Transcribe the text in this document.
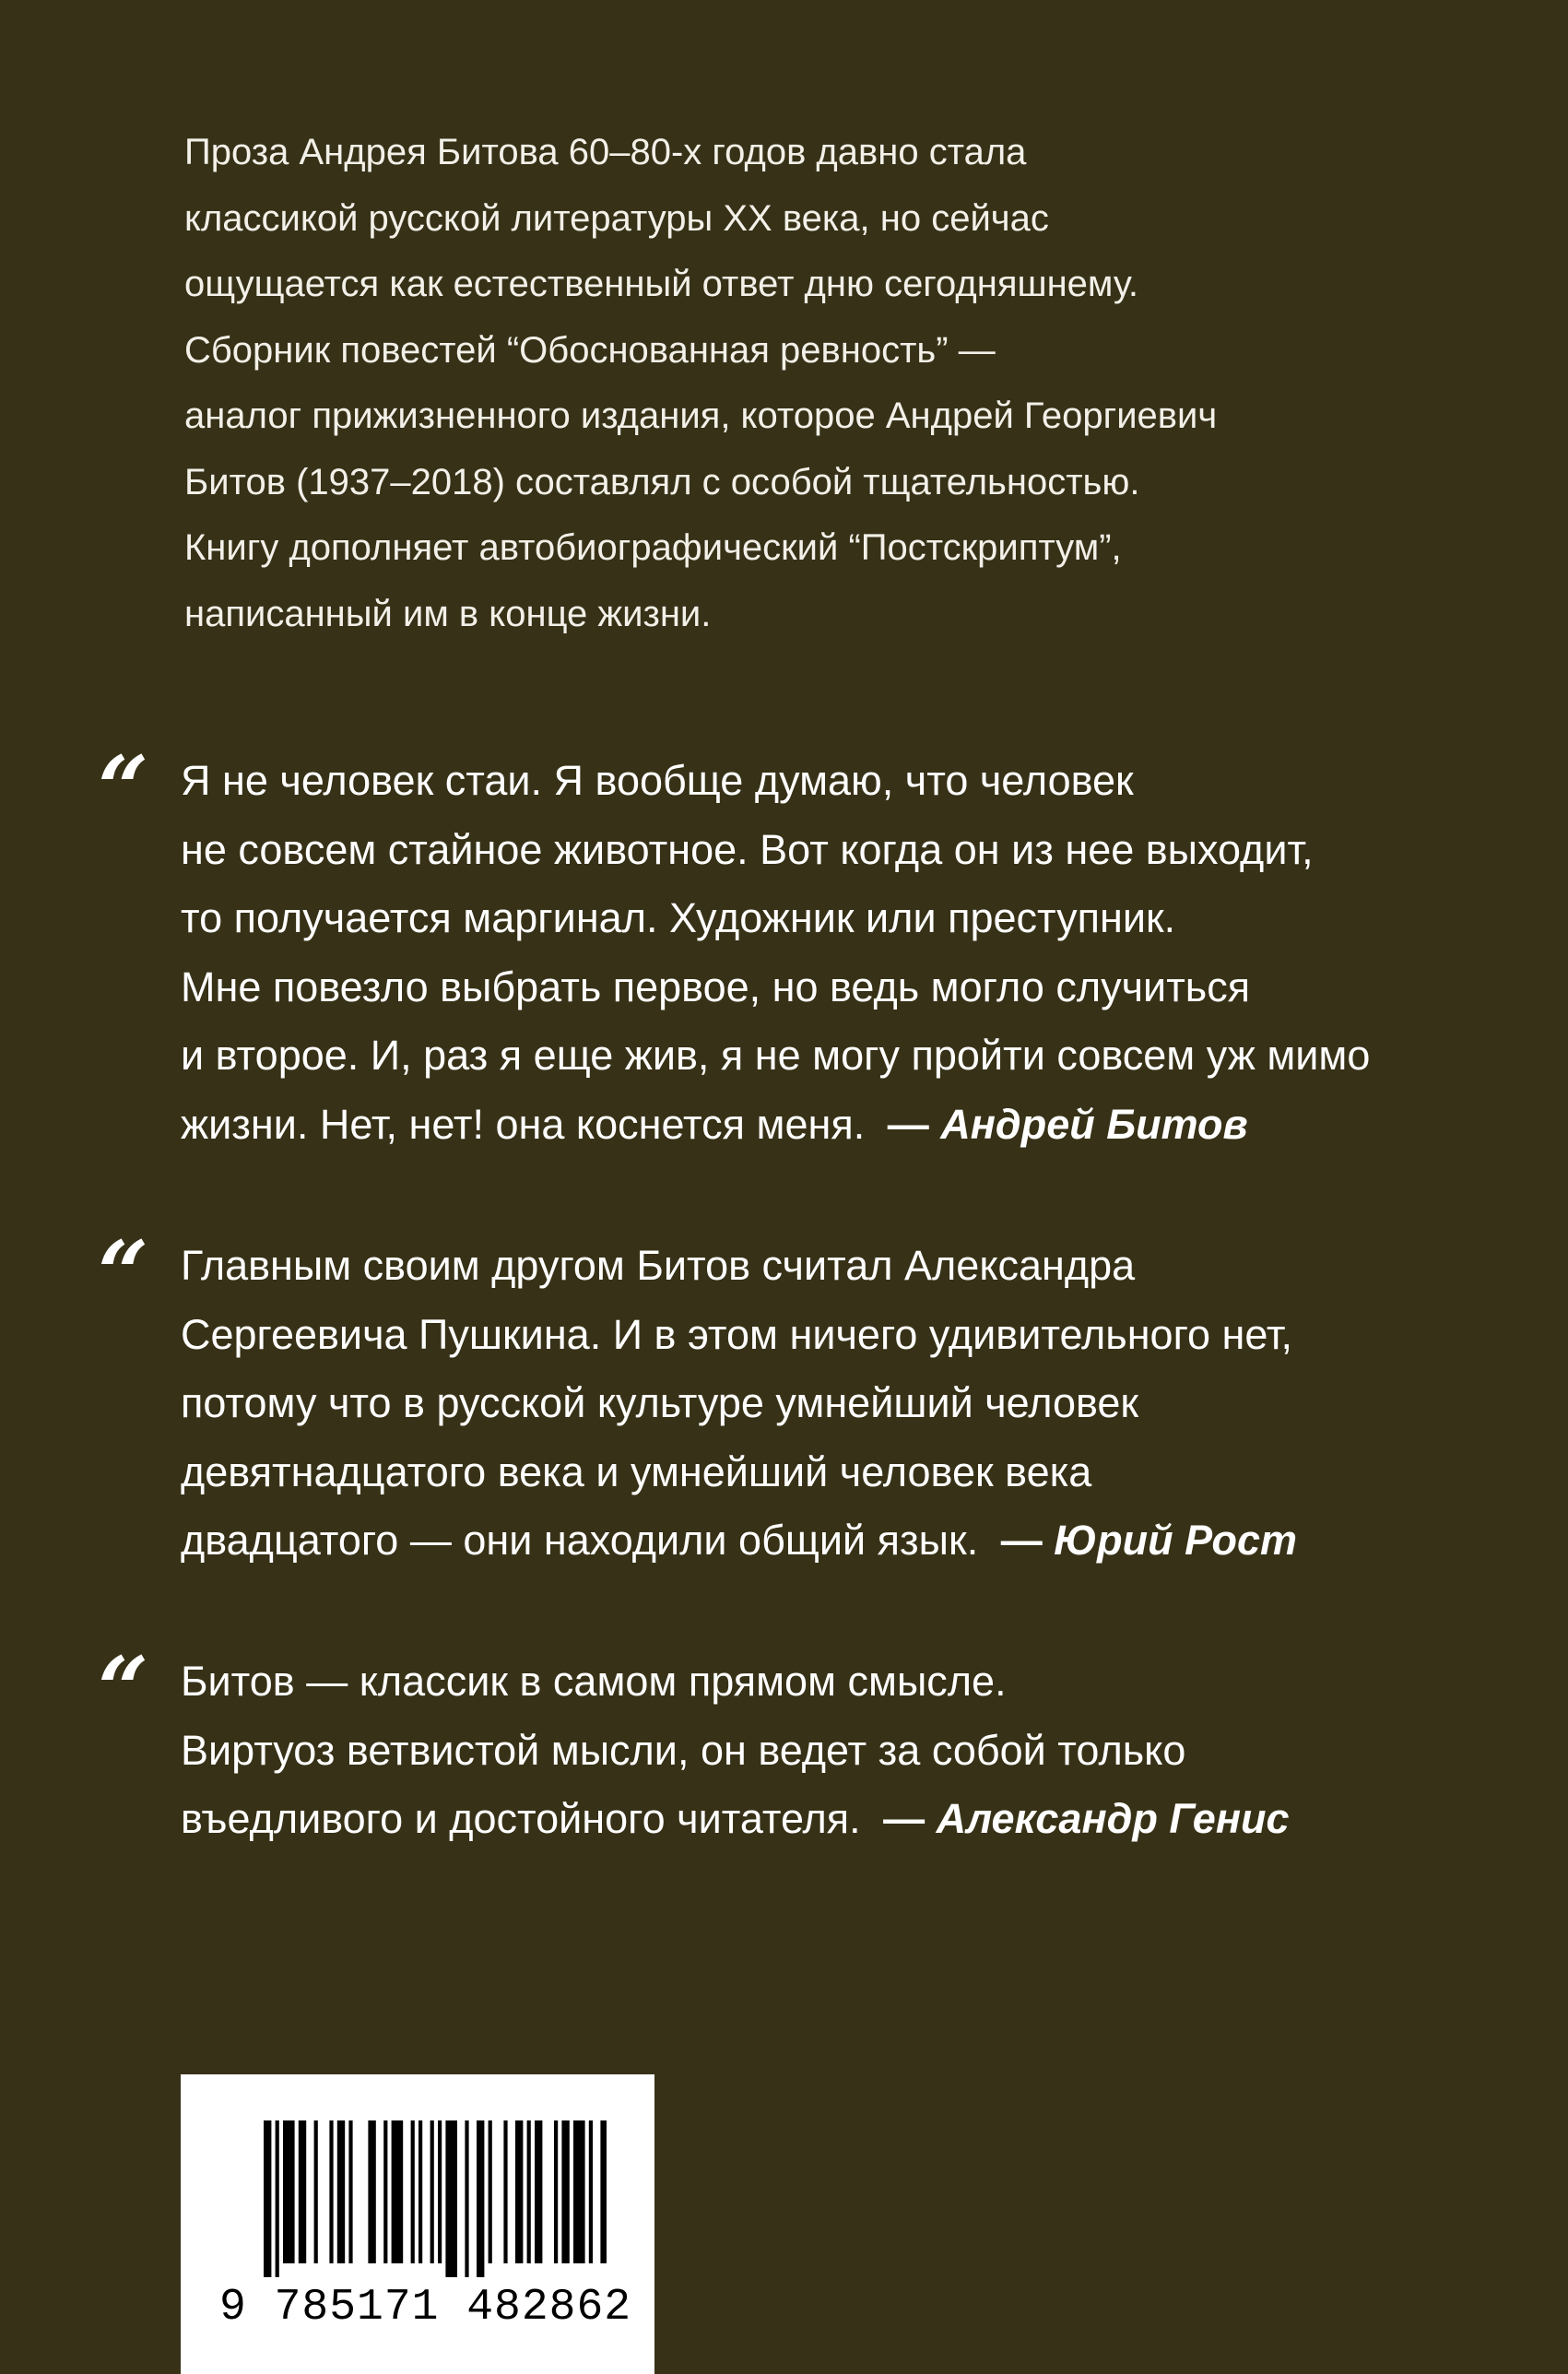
Проза Андрея Битова 60–80-х годов давно стала
классикой русской литературы XX века, но сейчас
ощущается как естественный ответ дню сегодняшнему.
Сборник повестей “Обоснованная ревность” —
аналог прижизненного издания, которое Андрей Георгиевич
Битов (1937–2018) составлял с особой тщательностью.
Книгу дополняет автобиографический “Постскриптум”,
написанный им в конце жизни.

“ Я не человек стаи. Я вообще думаю, что человек
не совсем стайное животное. Вот когда он из нее выходит,
то получается маргинал. Художник или преступник.
Мне повезло выбрать первое, но ведь могло случиться
и второе. И, раз я еще жив, я не могу пройти совсем уж мимо
жизни. Нет, нет! она коснется меня. — Андрей Битов
“ Главным своим другом Битов считал Александра
Сергеевича Пушкина. И в этом ничего удивительного нет,
потому что в русской культуре умнейший человек
девятнадцатого века и умнейший человек века
двадцатого — они находили общий язык. — Юрий Рост
“ Битов — классик в самом прямом смысле.
Виртуоз ветвистой мысли, он ведет за собой только
въедливого и достойного читателя. — Александр Генис
9 785171 482862
